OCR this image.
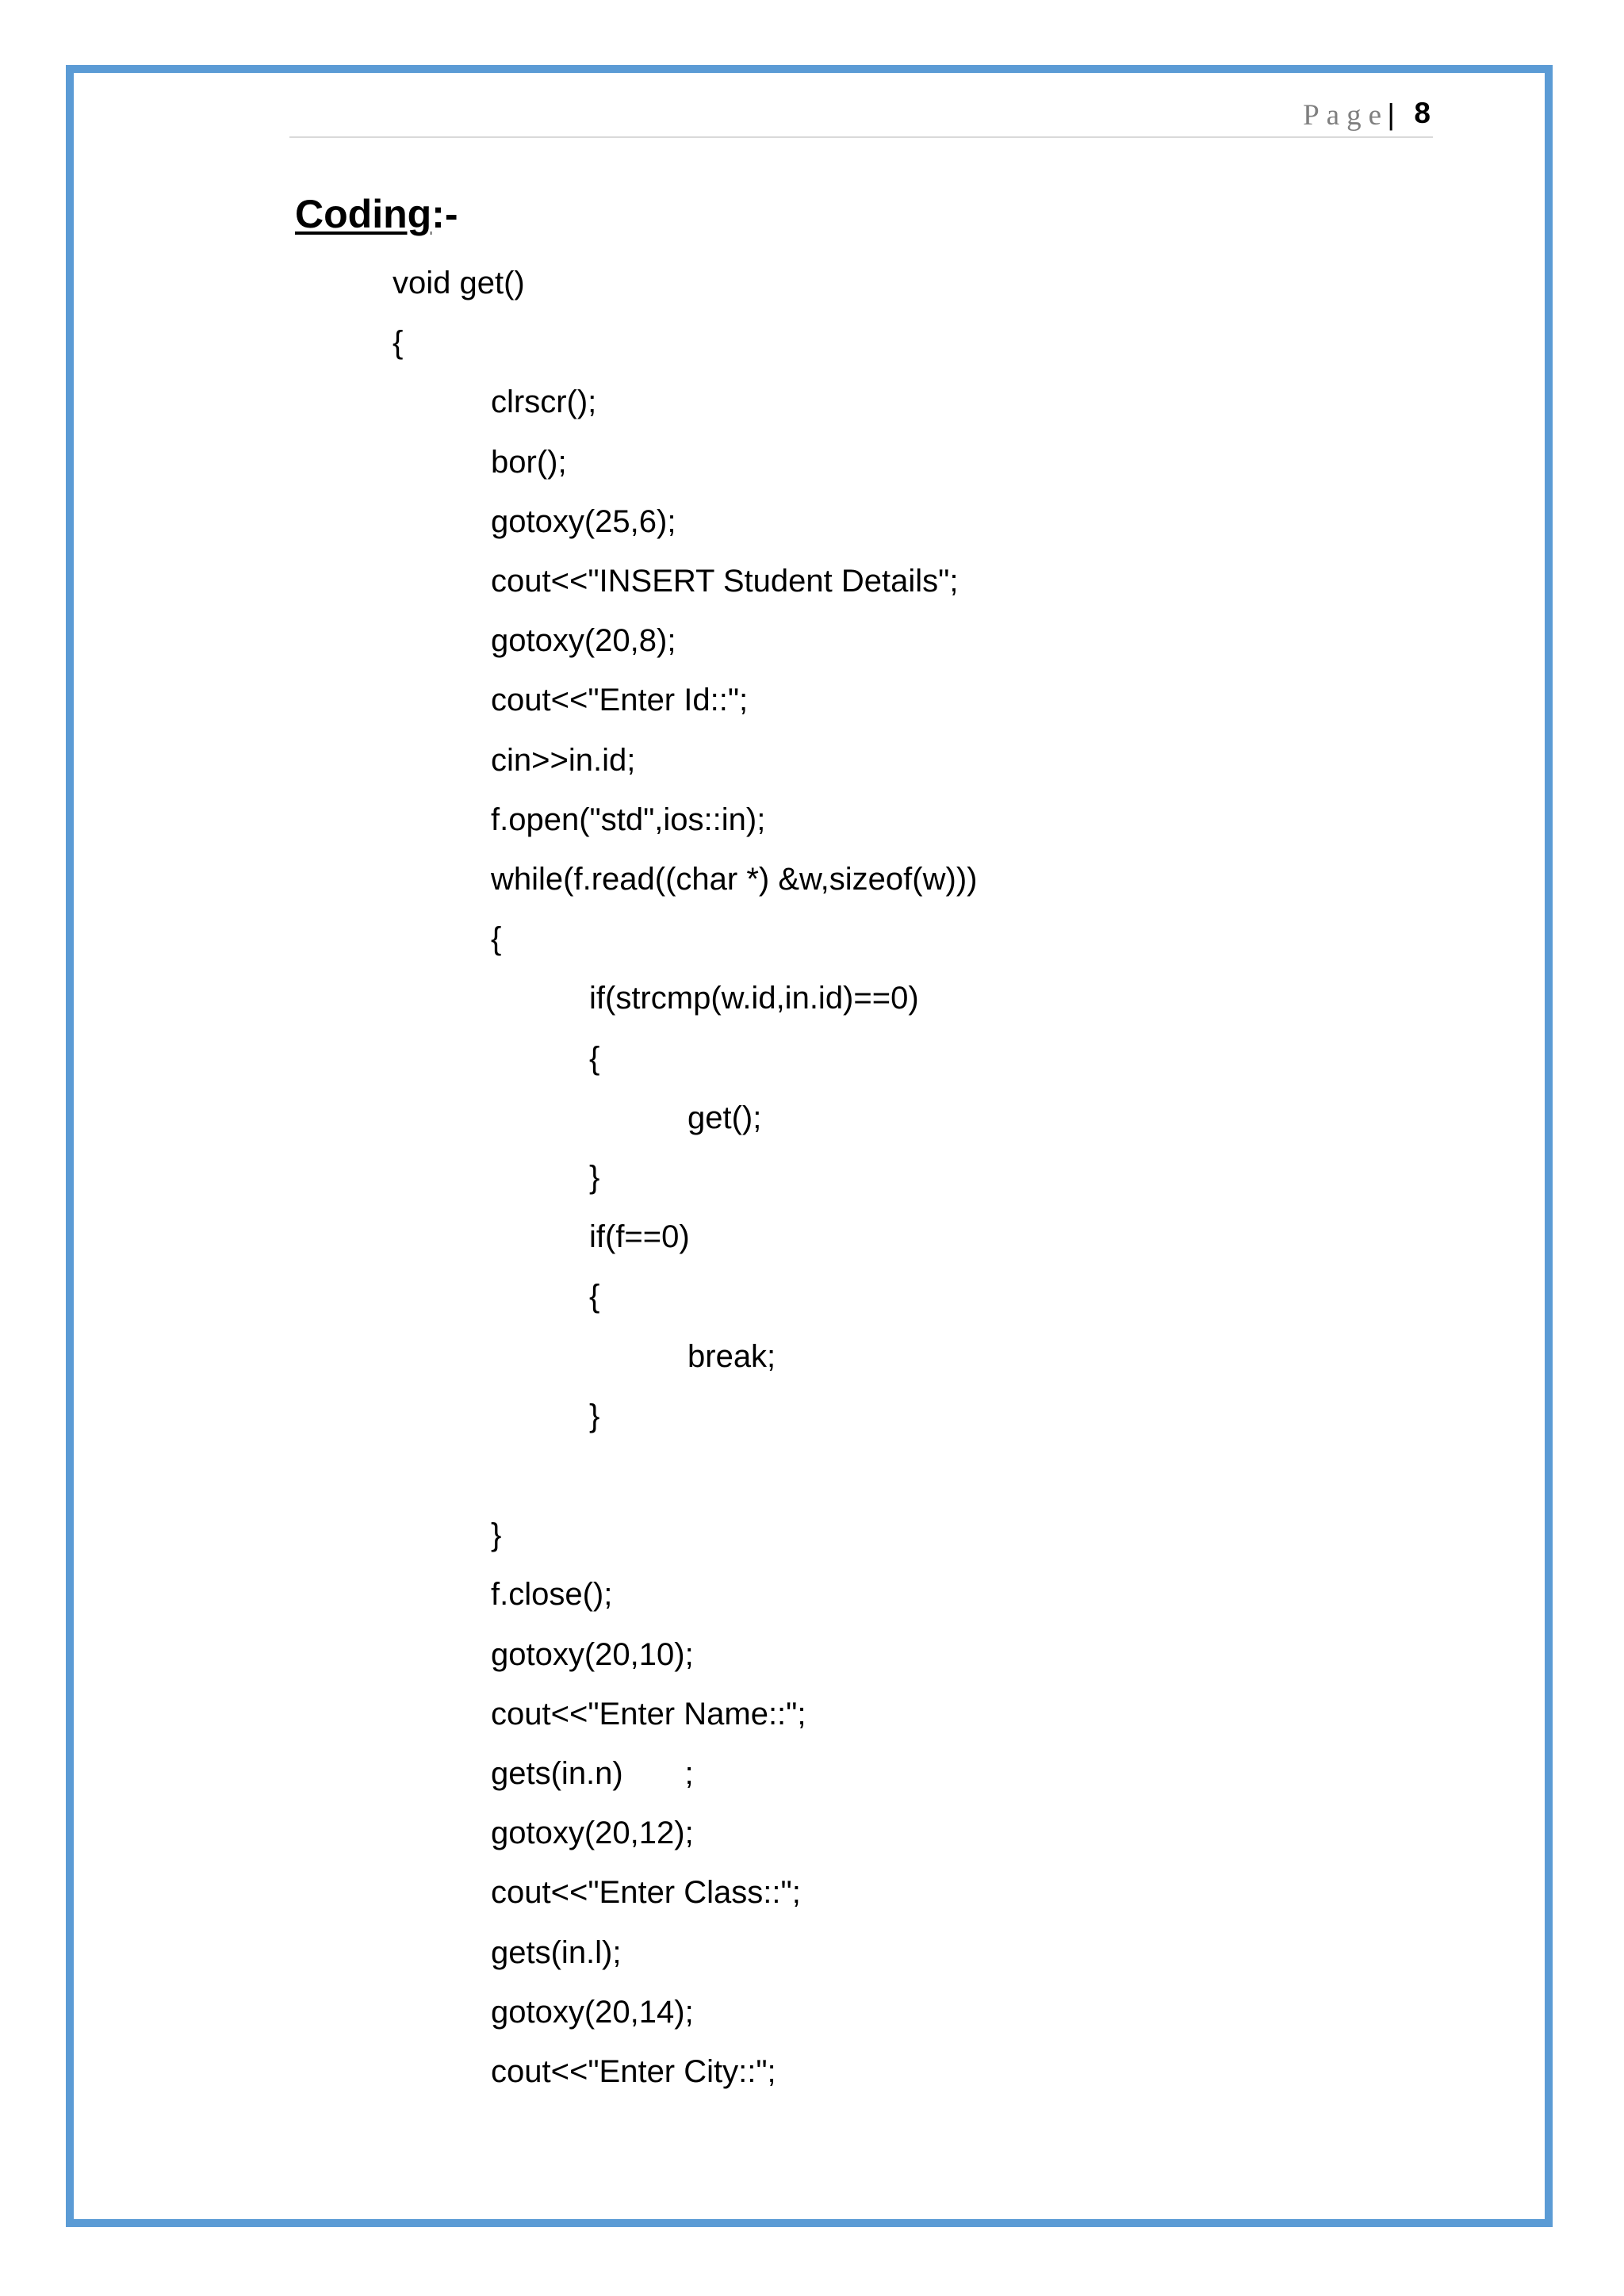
Page
| 8
Coding:-
void get()
{
clrscr();
bor();
gotoxy(25,6);
cout<<"INSERT Student Details";
gotoxy(20,8);
cout<<"Enter Id::";
cin>>in.id;
f.open("std",ios::in);
while(f.read((char *) &w,sizeof(w)))
{
if(strcmp(w.id,in.id)==0)
{
get();
}
if(f==0)
{
break;
}
}
f.close();
gotoxy(20,10);
cout<<"Enter Name::";
gets(in.n)       ;
gotoxy(20,12);
cout<<"Enter Class::";
gets(in.l);
gotoxy(20,14);
cout<<"Enter City::";
